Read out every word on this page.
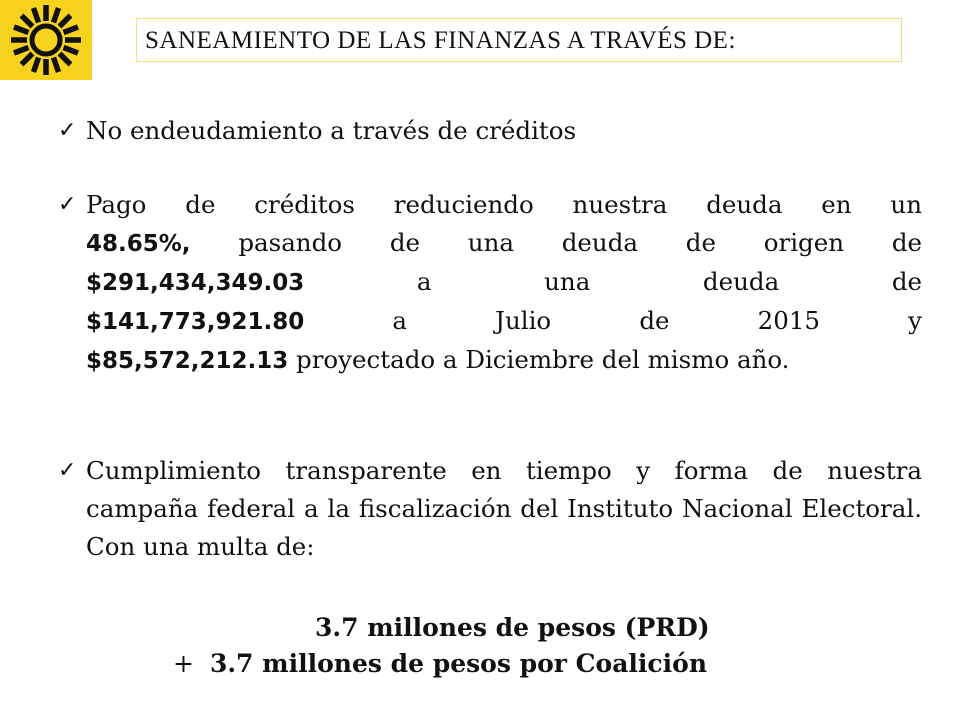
SANEAMIENTO DE LAS FINANZAS A TRAVÉS DE:
✓ No endeudamiento a través de créditos
✓ Pago de créditos reduciendo nuestra deuda en un
48.65%, pasando de una deuda de origen de
$291,434,349.03 a una deuda de
$141,773,921.80 a Julio de 2015 y
$85,572,212.13 proyectado a Diciembre del mismo año.
✓ Cumplimiento transparente en tiempo y forma de nuestra campaña federal a la fiscalización del Instituto Nacional Electoral. Con una multa de:
3.7 millones de pesos (PRD)
+ 3.7 millones de pesos por Coalición
